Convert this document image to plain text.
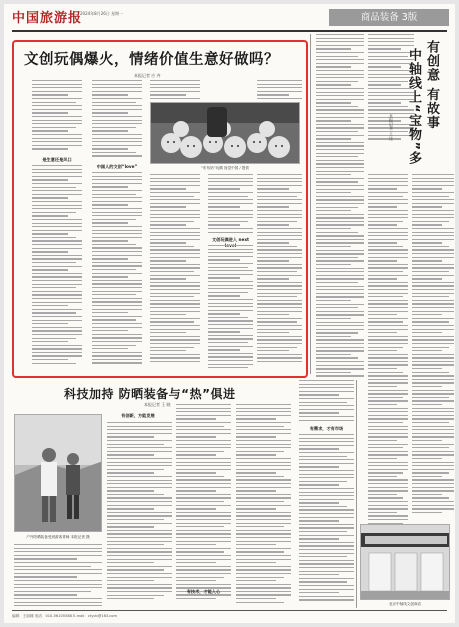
中国旅游报
2024年8月26日 星期一	商品装备 3版
文创玩偶爆火，情绪价值生意好做吗？
本报记者 应 齐
是生意还是风口
中国人的文创“love”	“布布奶”玩偶 视觉中国 / 提供
文创玩偶进入 next
有创意 有故事
中轴线上“宝物”多
本报记者 王 佳
科技加持 防晒装备与“热”俱进
本报记者 王 晓
户外防晒装备受到游客青睐 本报记者 摄
有创新，方能发展
有技术，才能入心
有需求，才有市场
北京中轴线文创商店
编辑：王丽娜 电话：010-56105588 E-mail：ctycb@163.com
